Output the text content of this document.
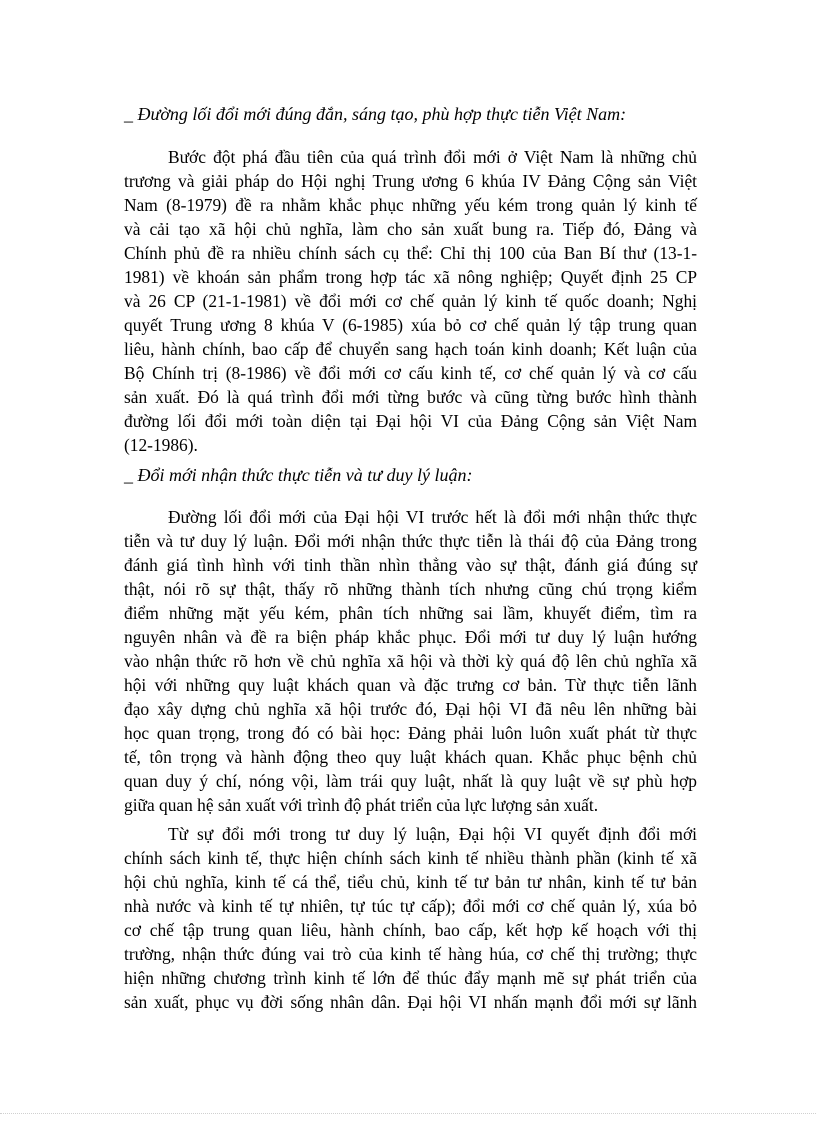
_ Đường lối đổi mới đúng đắn, sáng tạo, phù hợp thực tiễn Việt Nam:
Bước đột phá đầu tiên của quá trình đổi mới ở Việt Nam là những chủ
trương và giải pháp do Hội nghị Trung ương 6 khúa IV Đảng Cộng sản Việt
Nam (8-1979) đề ra nhằm khắc phục những yếu kém trong quản lý kinh tế
và cải tạo xã hội chủ nghĩa, làm cho sản xuất bung ra. Tiếp đó, Đảng và
Chính phủ đề ra nhiều chính sách cụ thể: Chỉ thị 100 của Ban Bí thư (13-1-
1981) về khoán sản phẩm trong hợp tác xã nông nghiệp; Quyết định 25 CP
và 26 CP (21-1-1981) về đổi mới cơ chế quản lý kinh tế quốc doanh; Nghị
quyết Trung ương 8 khúa V (6-1985) xúa bỏ cơ chế quản lý tập trung quan
liêu, hành chính, bao cấp để chuyển sang hạch toán kinh doanh; Kết luận của
Bộ Chính trị (8-1986) về đổi mới cơ cấu kinh tế, cơ chế quản lý và cơ cấu
sản xuất. Đó là quá trình đổi mới từng bước và cũng từng bước hình thành
đường lối đổi mới toàn diện tại Đại hội VI của Đảng Cộng sản Việt Nam
(12-1986).
_ Đổi mới nhận thức thực tiễn và tư duy lý luận:
Đường lối đổi mới của Đại hội VI trước hết là đổi mới nhận thức thực
tiễn và tư duy lý luận. Đổi mới nhận thức thực tiễn là thái độ của Đảng trong
đánh giá tình hình với tinh thần nhìn thẳng vào sự thật, đánh giá đúng sự
thật, nói rõ sự thật, thấy rõ những thành tích nhưng cũng chú trọng kiểm
điểm những mặt yếu kém, phân tích những sai lầm, khuyết điểm, tìm ra
nguyên nhân và đề ra biện pháp khắc phục. Đổi mới tư duy lý luận hướng
vào nhận thức rõ hơn về chủ nghĩa xã hội và thời kỳ quá độ lên chủ nghĩa xã
hội với những quy luật khách quan và đặc trưng cơ bản. Từ thực tiễn lãnh
đạo xây dựng chủ nghĩa xã hội trước đó, Đại hội VI đã nêu lên những bài
học quan trọng, trong đó có bài học: Đảng phải luôn luôn xuất phát từ thực
tế, tôn trọng và hành động theo quy luật khách quan. Khắc phục bệnh chủ
quan duy ý chí, nóng vội, làm trái quy luật, nhất là quy luật về sự phù hợp
giữa quan hệ sản xuất với trình độ phát triển của lực lượng sản xuất.
Từ sự đổi mới trong tư duy lý luận, Đại hội VI quyết định đổi mới
chính sách kinh tế, thực hiện chính sách kinh tế nhiều thành phần (kinh tế xã
hội chủ nghĩa, kinh tế cá thể, tiểu chủ, kinh tế tư bản tư nhân, kinh tế tư bản
nhà nước và kinh tế tự nhiên, tự túc tự cấp); đổi mới cơ chế quản lý, xúa bỏ
cơ chế tập trung quan liêu, hành chính, bao cấp, kết hợp kế hoạch với thị
trường, nhận thức đúng vai trò của kinh tế hàng húa, cơ chế thị trường; thực
hiện những chương trình kinh tế lớn để thúc đẩy mạnh mẽ sự phát triển của
sản xuất, phục vụ đời sống nhân dân. Đại hội VI nhấn mạnh đổi mới sự lãnh
